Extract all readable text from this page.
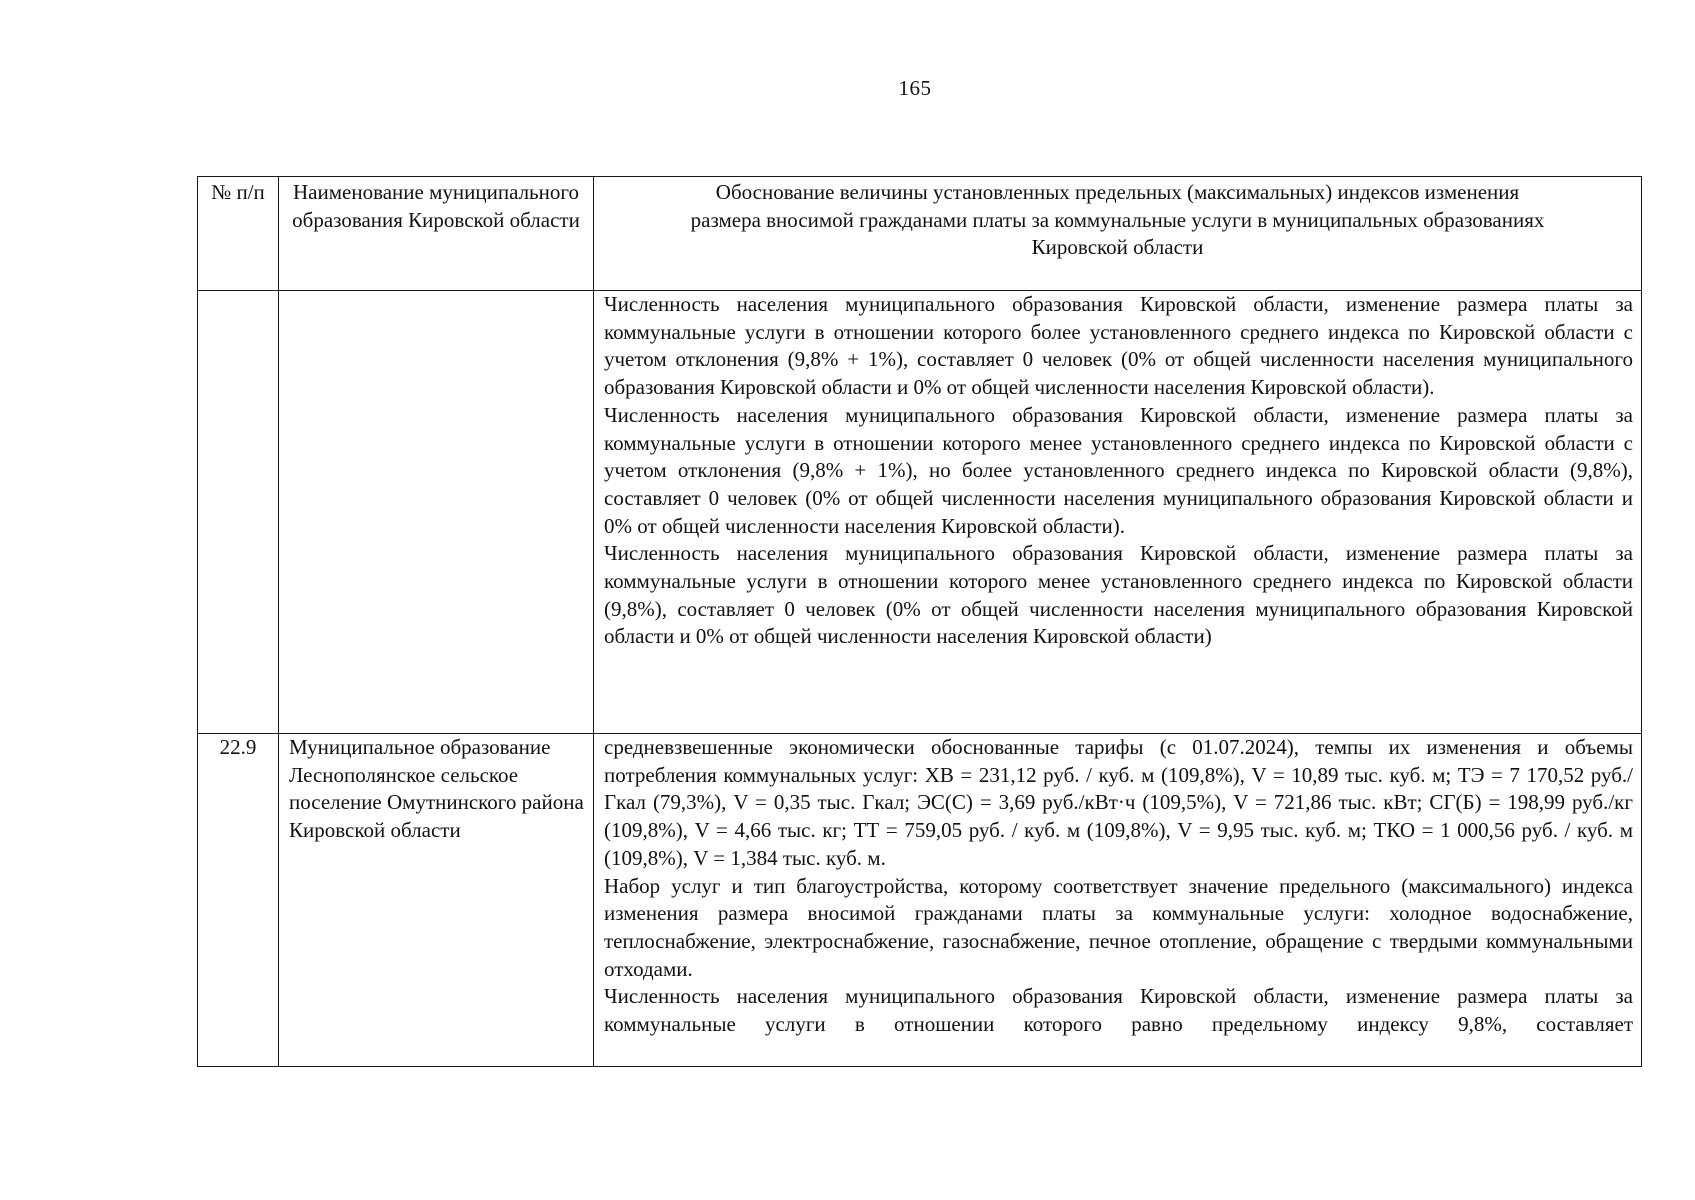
165
№ п/п	Наименование муниципального образования Кировской области	Обоснование величины установленных предельных (максимальных) индексов изменения размера вносимой гражданами платы за коммунальные услуги в муниципальных образованиях Кировской области

		Численность населения муниципального образования Кировской области, изменение размера платы за коммунальные услуги в отношении которого более установленного среднего индекса по Кировской области с учетом отклонения (9,8% + 1%), составляет 0 человек (0% от общей численности населения муниципального образования Кировской области и 0% от общей численности населения Кировской области).

Численность населения муниципального образования Кировской области, изменение размера платы за коммунальные услуги в отношении которого менее установленного среднего индекса по Кировской области с учетом отклонения (9,8% + 1%), но более установленного среднего индекса по Кировской области (9,8%), составляет 0 человек (0% от общей численности населения муниципального образования Кировской области и 0% от общей численности населения Кировской области).

Численность населения муниципального образования Кировской области, изменение размера платы за коммунальные услуги в отношении которого менее установленного среднего индекса по Кировской области (9,8%), составляет 0 человек (0% от общей численности населения муниципального образования Кировской области и 0% от общей численности населения Кировской области)

22.9	Муниципальное образование Леснополянское сельское поселение Омутнинского района Кировской области	средневзвешенные экономически обоснованные тарифы (с 01.07.2024), темпы их изменения и объемы потребления коммунальных услуг: ХВ = 231,12 руб. / куб. м (109,8%), V = 10,89 тыс. куб. м; ТЭ = 7 170,52 руб./Гкал (79,3%), V = 0,35 тыс. Гкал; ЭС(С) = 3,69 руб./кВт·ч (109,5%), V = 721,86 тыс. кВт; СГ(Б) = 198,99 руб./кг (109,8%), V = 4,66 тыс. кг; ТТ = 759,05 руб. / куб. м (109,8%), V = 9,95 тыс. куб. м; ТКО = 1 000,56 руб. / куб. м (109,8%), V = 1,384 тыс. куб. м.

Набор услуг и тип благоустройства, которому соответствует значение предельного (максимального) индекса изменения размера вносимой гражданами платы за коммунальные услуги: холодное водоснабжение, теплоснабжение, электроснабжение, газоснабжение, печное отопление, обращение с твердыми коммунальными отходами.

Численность населения муниципального образования Кировской области, изменение размера платы за коммунальные услуги в отношении которого равно предельному индексу 9,8%, составляет
